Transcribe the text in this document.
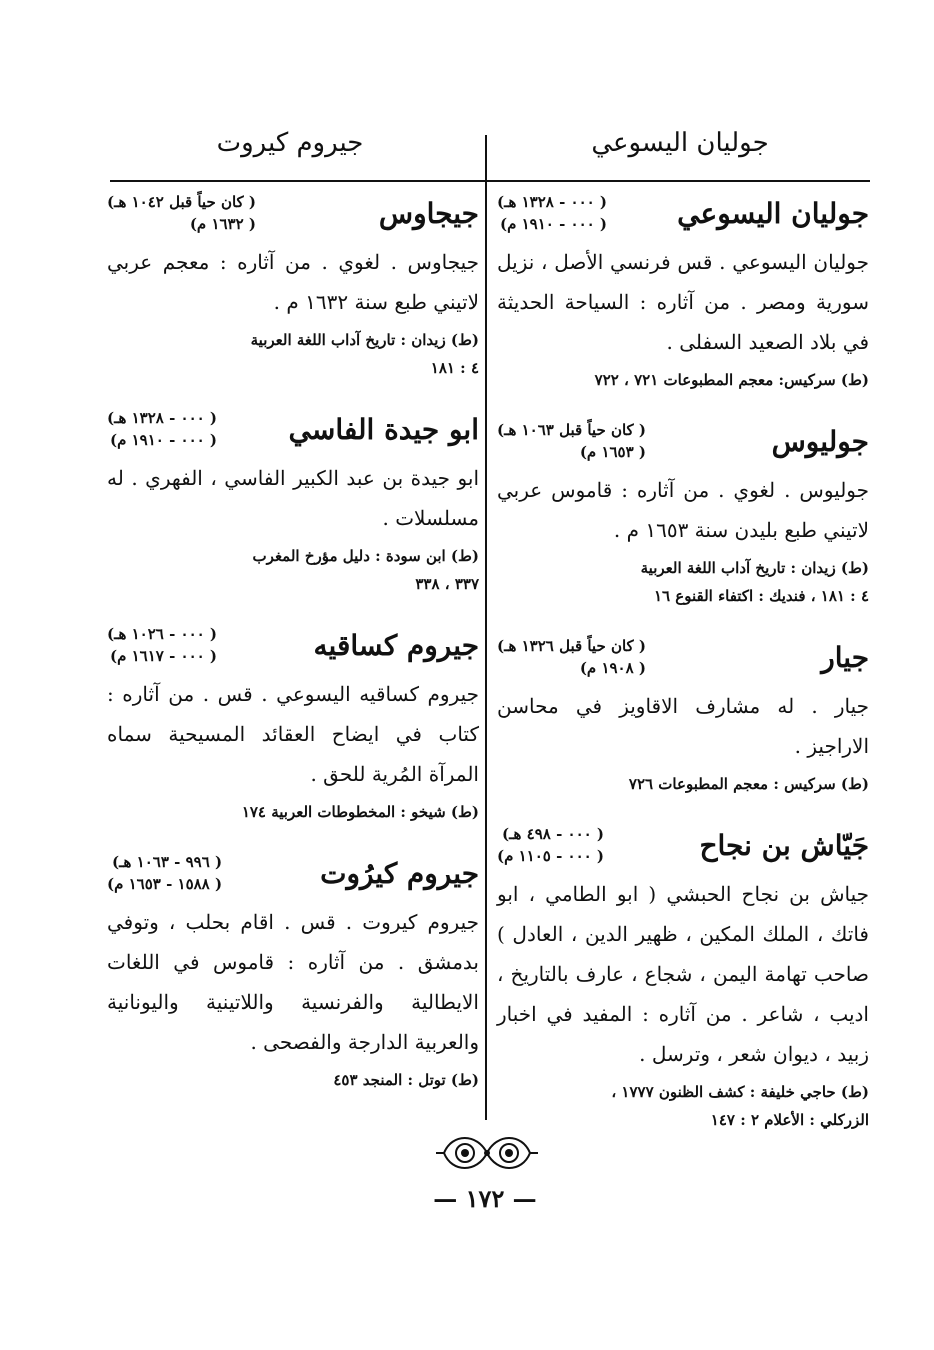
جوليان اليسوعي
جيروم كيروت
جوليان اليسوعي
( ٠٠٠ - ١٣٢٨ هـ)
( ٠٠٠ - ١٩١٠ م)
جوليان اليسوعي . قس فرنسي الأصل ، نزيل سورية ومصر . من آثاره : السياحة الحديثة في بلاد الصعيد السفلى .
(ط) سركيس: معجم المطبوعات ٧٢١ ، ٧٢٢
جوليوس
( كان حياً قبل ١٠٦٣ هـ)
( ١٦٥٣ م)
جوليوس . لغوي . من آثاره : قاموس عربي لاتيني طبع بليدن سنة ١٦٥٣ م .
(ط) زيدان : تاريخ آداب اللغة العربية
٤ : ١٨١ ، فنديك : اكتفاء القنوع ١٦
جيار
( كان حياً قبل ١٣٢٦ هـ)
( ١٩٠٨ م)
جيار . له مشارف الاقاويز في محاسن الاراجيز .
(ط) سركيس : معجم المطبوعات ٧٢٦
جَيّاش بن نجاح
( ٠٠٠ - ٤٩٨ هـ)
( ٠٠٠ - ١١٠٥ م)
جياش بن نجاح الحبشي ( ابو الطامي ، ابو فاتك ، الملك المكين ، ظهير الدين ، العادل ) صاحب تهامة اليمن ، شجاع ، عارف بالتاريخ ، اديب ، شاعر . من آثاره : المفيد في اخبار زبيد ، ديوان شعر ، وترسل .
(ط) حاجي خليفة : كشف الظنون ١٧٧٧ ،
الزركلي : الأعلام ٢ : ١٤٧
جيجاوس
( كان حياً قبل ١٠٤٢ هـ)
( ١٦٣٢ م)
جيجاوس . لغوي . من آثاره : معجم عربي لاتيني طبع سنة ١٦٣٢ م .
(ط) زيدان : تاريخ آداب اللغة العربية
٤ : ١٨١
ابو جيدة الفاسي
( ٠٠٠ - ١٣٢٨ هـ)
( ٠٠٠ - ١٩١٠ م)
ابو جيدة بن عبد الكبير الفاسي ، الفهري . له مسلسلات .
(ط) ابن سودة : دليل مؤرخ المغرب
٣٣٧ ، ٣٣٨
جيروم كساقيه
( ٠٠٠ - ١٠٢٦ هـ)
( ٠٠٠ - ١٦١٧ م)
جيروم كساقيه اليسوعي . قس . من آثاره : كتاب في ايضاح العقائد المسيحية سماه المرآة المُرية للحق .
(ط) شيخو : المخطوطات العربية ١٧٤
جيروم كيرُوت
( ٩٩٦ - ١٠٦٣ هـ)
( ١٥٨٨ - ١٦٥٣ م)
جيروم كيروت . قس . اقام بحلب ، وتوفي بدمشق . من آثاره : قاموس في اللغات الايطالية والفرنسية واللاتينية واليونانية والعربية الدارجة والفصحى .
(ط) توتل : المنجد ٤٥٣
— ١٧٢ —
